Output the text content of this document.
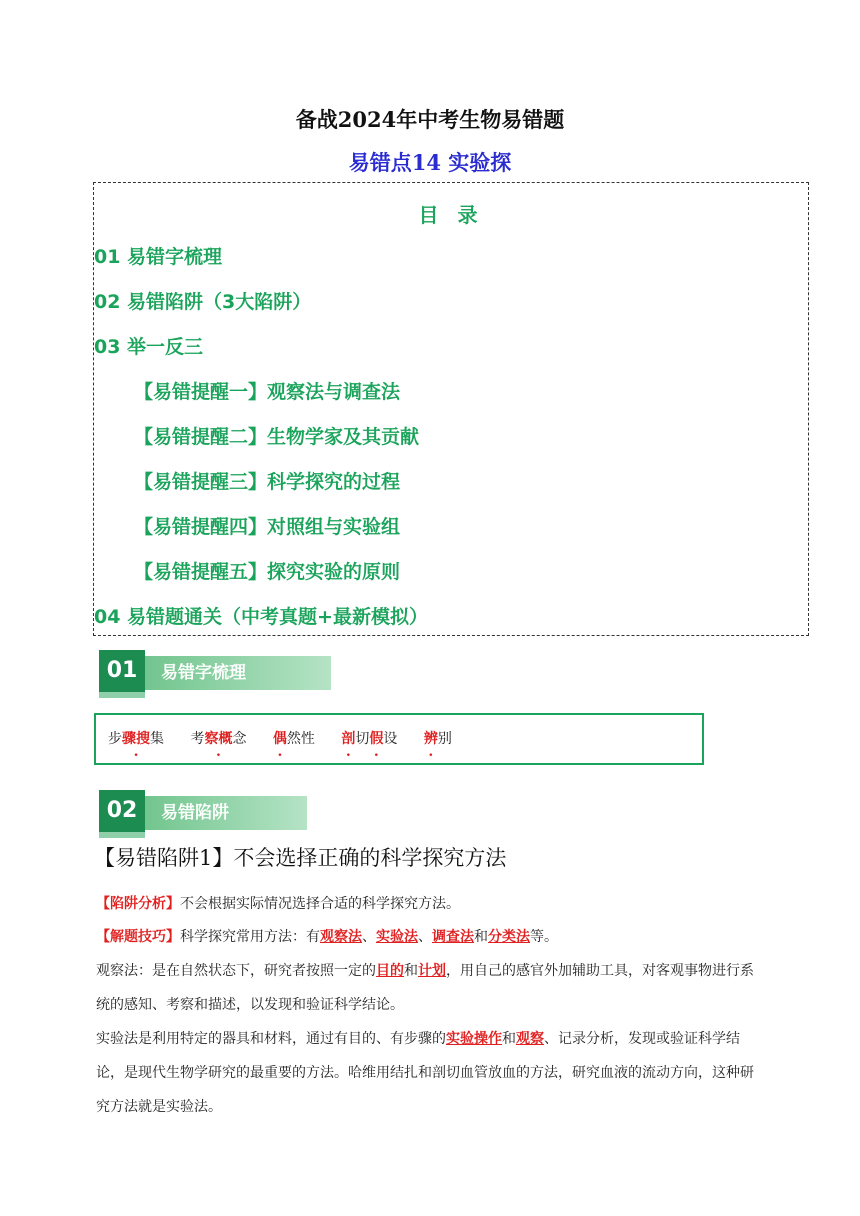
备战2024年中考生物易错题
易错点14 实验探
目 录
01 易错字梳理
02 易错陷阱（3大陷阱）
03 举一反三
【易错提醒一】观察法与调查法
【易错提醒二】生物学家及其贡献
【易错提醒三】科学探究的过程
【易错提醒四】对照组与实验组
【易错提醒五】探究实验的原则
04 易错题通关（中考真题+最新模拟）
01	易错字梳理
步骤搜集 考察概念 偶然性 剖切假设 辨别
02	易错陷阱
【易错陷阱1】不会选择正确的科学探究方法
【陷阱分析】不会根据实际情况选择合适的科学探究方法。
【解题技巧】科学探究常用方法：有观察法、实验法、调查法和分类法等。
观察法：是在自然状态下，研究者按照一定的目的和计划，用自己的感官外加辅助工具，对客观事物进行系统的感知、考察和描述，以发现和验证科学结论。
实验法是利用特定的器具和材料，通过有目的、有步骤的实验操作和观察、记录分析，发现或验证科学结论，是现代生物学研究的最重要的方法。哈维用结扎和剖切血管放血的方法，研究血液的流动方向，这种研究方法就是实验法。
